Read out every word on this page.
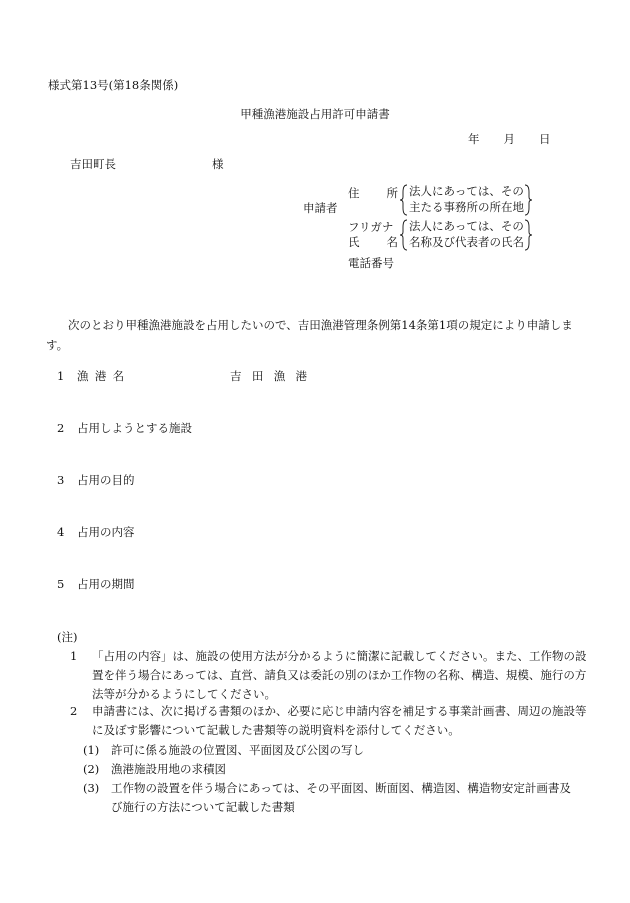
様式第13号(第18条関係)
甲種漁港施設占用許可申請書
年 月 日
吉田町長	様
申請者
住 所 法人にあっては、その
主たる事務所の所在地
フリガナ
氏 名
法人にあっては、その
名称及び代表者の氏名
電話番号
次のとおり甲種漁港施設を占用したいので、吉田漁港管理条例第14条第1項の規定により申請します。
1 漁港名	吉田漁港
2 占用しようとする施設
3 占用の目的
4 占用の内容
5 占用の期間
(注)
1 「占用の内容」は、施設の使用方法が分かるように簡潔に記載してください。また、工作物の設置を伴う場合にあっては、直営、請負又は委託の別のほか工作物の名称、構造、規模、施行の方法等が分かるようにしてください。
2 申請書には、次に掲げる書類のほか、必要に応じ申請内容を補足する事業計画書、周辺の施設等に及ぼす影響について記載した書類等の説明資料を添付してください。
(1) 許可に係る施設の位置図、平面図及び公図の写し
(2) 漁港施設用地の求積図
(3) 工作物の設置を伴う場合にあっては、その平面図、断面図、構造図、構造物安定計画書及び施行の方法について記載した書類
